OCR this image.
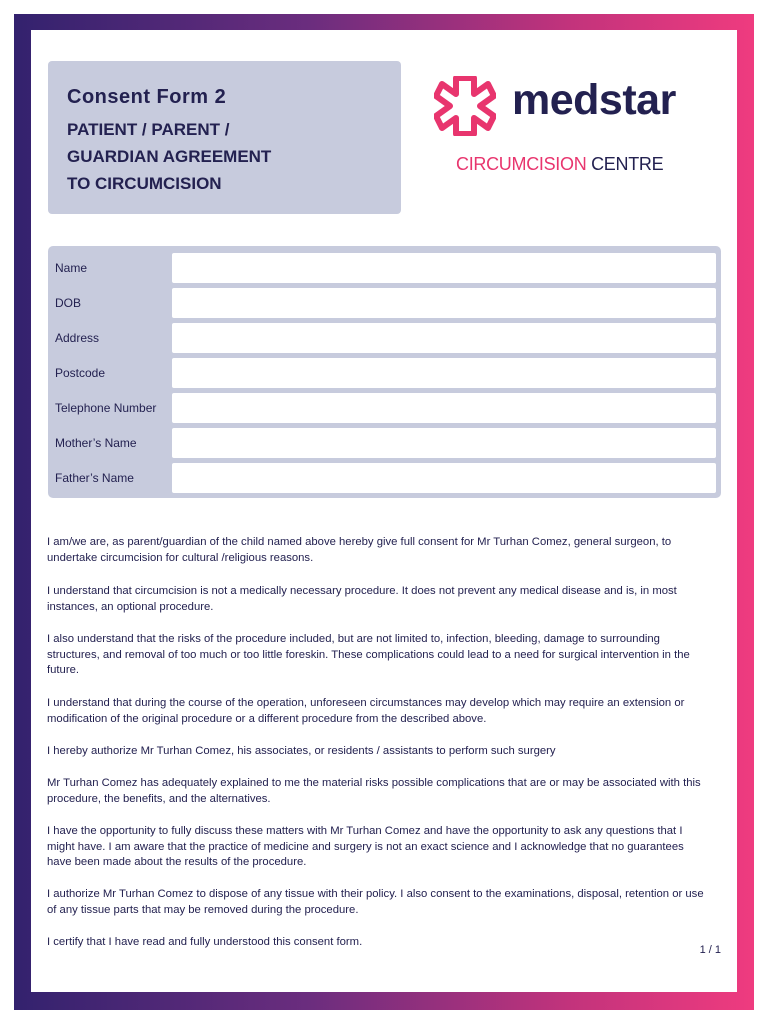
Consent Form 2
PATIENT / PARENT /
GUARDIAN AGREEMENT
TO CIRCUMCISION
medstar
CIRCUMCISION CENTRE
Name
DOB
Address
Postcode
Telephone Number
Mother’s Name
Father’s Name

I am/we are, as parent/guardian of the child named above hereby give full consent for Mr Turhan Comez, general surgeon, to undertake circumcision for cultural /religious reasons.

I understand that circumcision is not a medically necessary procedure. It does not prevent any medical disease and is, in most instances, an optional procedure.

I also understand that the risks of the procedure included, but are not limited to, infection, bleeding, damage to surrounding structures, and removal of too much or too little foreskin. These complications could lead to a need for surgical intervention in the future.

I understand that during the course of the operation, unforeseen circumstances may develop which may require an extension or modification of the original procedure or a different procedure from the described above.

I hereby authorize Mr Turhan Comez, his associates, or residents / assistants to perform such surgery

Mr Turhan Comez has adequately explained to me the material risks possible complications that are or may be associated with this procedure, the benefits, and the alternatives.

I have the opportunity to fully discuss these matters with Mr Turhan Comez and have the opportunity to ask any questions that I might have. I am aware that the practice of medicine and surgery is not an exact science and I acknowledge that no guarantees have been made about the results of the procedure.

I authorize Mr Turhan Comez to dispose of any tissue with their policy. I also consent to the examinations, disposal, retention or use of any tissue parts that may be removed during the procedure.

I certify that I have read and fully understood this consent form.

1 / 1
